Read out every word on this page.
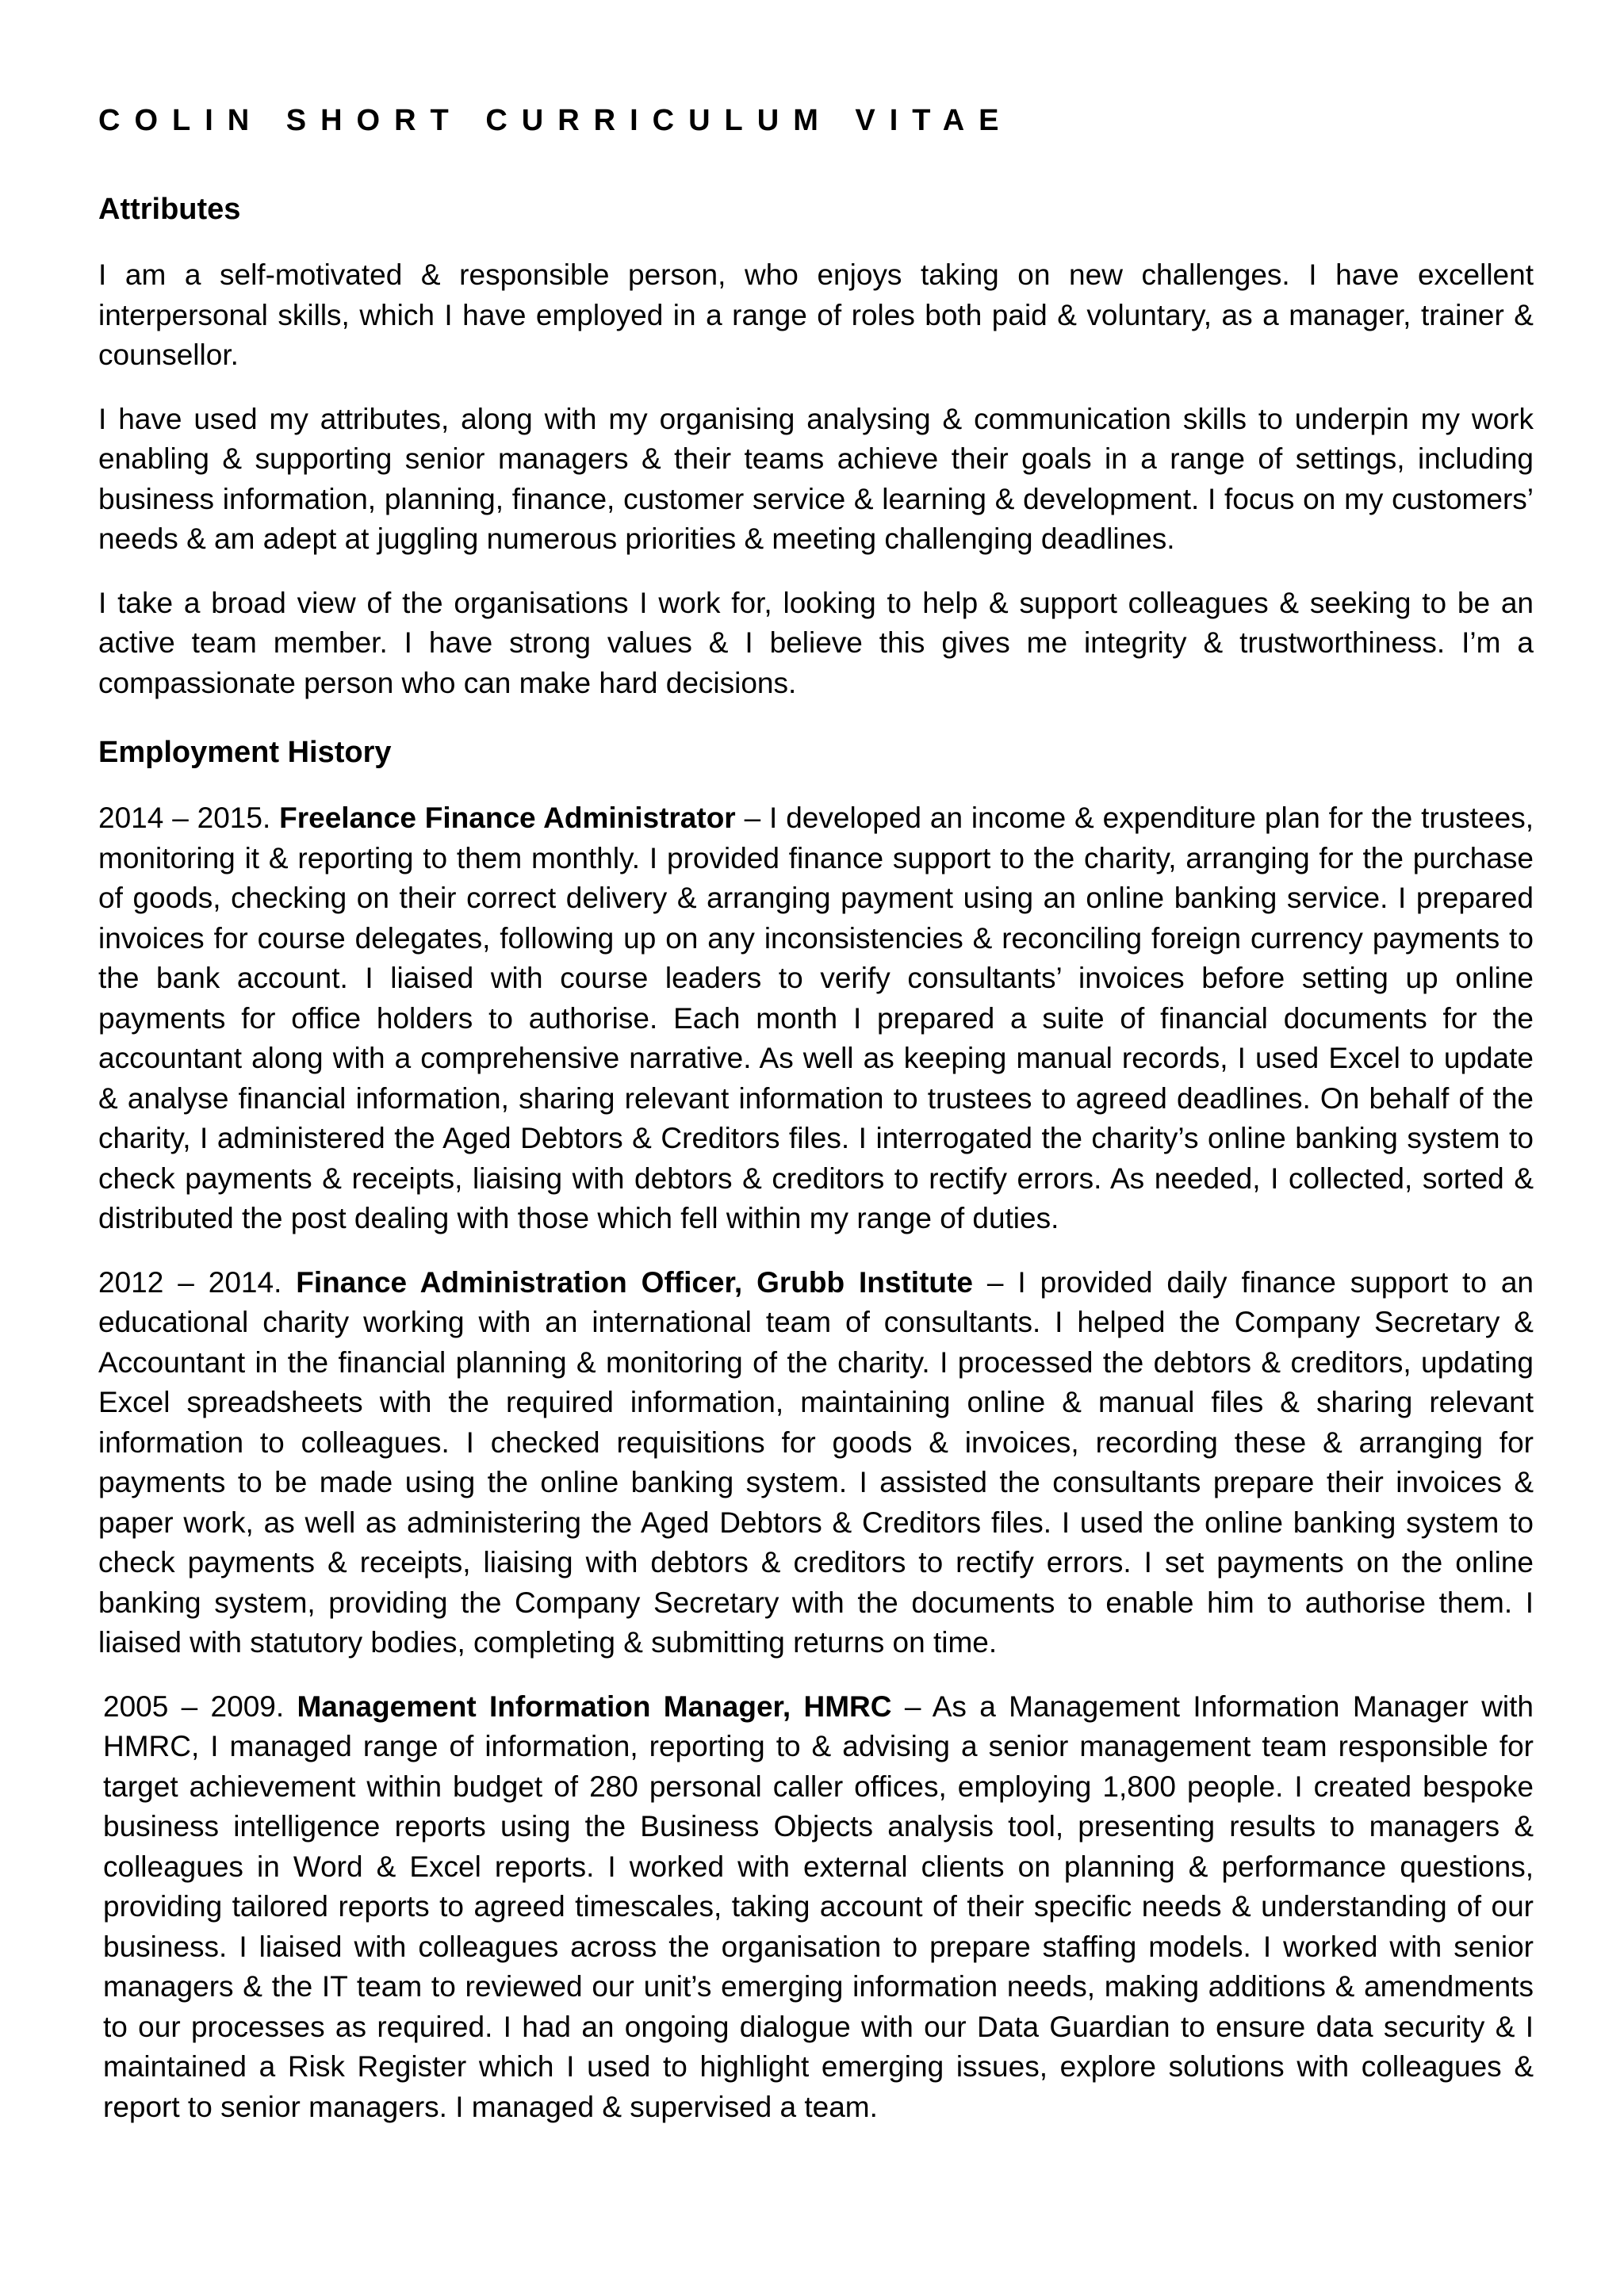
COLIN SHORT CURRICULUM VITAE
Attributes

I am a self-motivated & responsible person, who enjoys taking on new challenges. I have excellent interpersonal skills, which I have employed in a range of roles both paid & voluntary, as a manager, trainer & counsellor.

I have used my attributes, along with my organising analysing & communication skills to underpin my work enabling & supporting senior managers & their teams achieve their goals in a range of settings, including business information, planning, finance, customer service & learning & development. I focus on my customers’ needs & am adept at juggling numerous priorities & meeting challenging deadlines.

I take a broad view of the organisations I work for, looking to help & support colleagues & seeking to be an active team member. I have strong values & I believe this gives me integrity & trustworthiness. I’m a compassionate person who can make hard decisions.

Employment History

2014 – 2015. Freelance Finance Administrator – I developed an income & expenditure plan for the trustees, monitoring it & reporting to them monthly. I provided finance support to the charity, arranging for the purchase of goods, checking on their correct delivery & arranging payment using an online banking service. I prepared invoices for course delegates, following up on any inconsistencies & reconciling foreign currency payments to the bank account. I liaised with course leaders to verify consultants’ invoices before setting up online payments for office holders to authorise. Each month I prepared a suite of financial documents for the accountant along with a comprehensive narrative. As well as keeping manual records, I used Excel to update & analyse financial information, sharing relevant information to trustees to agreed deadlines. On behalf of the charity, I administered the Aged Debtors & Creditors files. I interrogated the charity’s online banking system to check payments & receipts, liaising with debtors & creditors to rectify errors. As needed, I collected, sorted & distributed the post dealing with those which fell within my range of duties.

2012 – 2014. Finance Administration Officer, Grubb Institute – I provided daily finance support to an educational charity working with an international team of consultants. I helped the Company Secretary & Accountant in the financial planning & monitoring of the charity. I processed the debtors & creditors, updating Excel spreadsheets with the required information, maintaining online & manual files & sharing relevant information to colleagues. I checked requisitions for goods & invoices, recording these & arranging for payments to be made using the online banking system. I assisted the consultants prepare their invoices & paper work, as well as administering the Aged Debtors & Creditors files. I used the online banking system to check payments & receipts, liaising with debtors & creditors to rectify errors. I set payments on the online banking system, providing the Company Secretary with the documents to enable him to authorise them. I liaised with statutory bodies, completing & submitting returns on time.

2005 – 2009. Management Information Manager, HMRC – As a Management Information Manager with HMRC, I managed range of information, reporting to & advising a senior management team responsible for target achievement within budget of 280 personal caller offices, employing 1,800 people. I created bespoke business intelligence reports using the Business Objects analysis tool, presenting results to managers & colleagues in Word & Excel reports. I worked with external clients on planning & performance questions, providing tailored reports to agreed timescales, taking account of their specific needs & understanding of our business. I liaised with colleagues across the organisation to prepare staffing models. I worked with senior managers & the IT team to reviewed our unit’s emerging information needs, making additions & amendments to our processes as required. I had an ongoing dialogue with our Data Guardian to ensure data security & I maintained a Risk Register which I used to highlight emerging issues, explore solutions with colleagues & report to senior managers. I managed & supervised a team.
